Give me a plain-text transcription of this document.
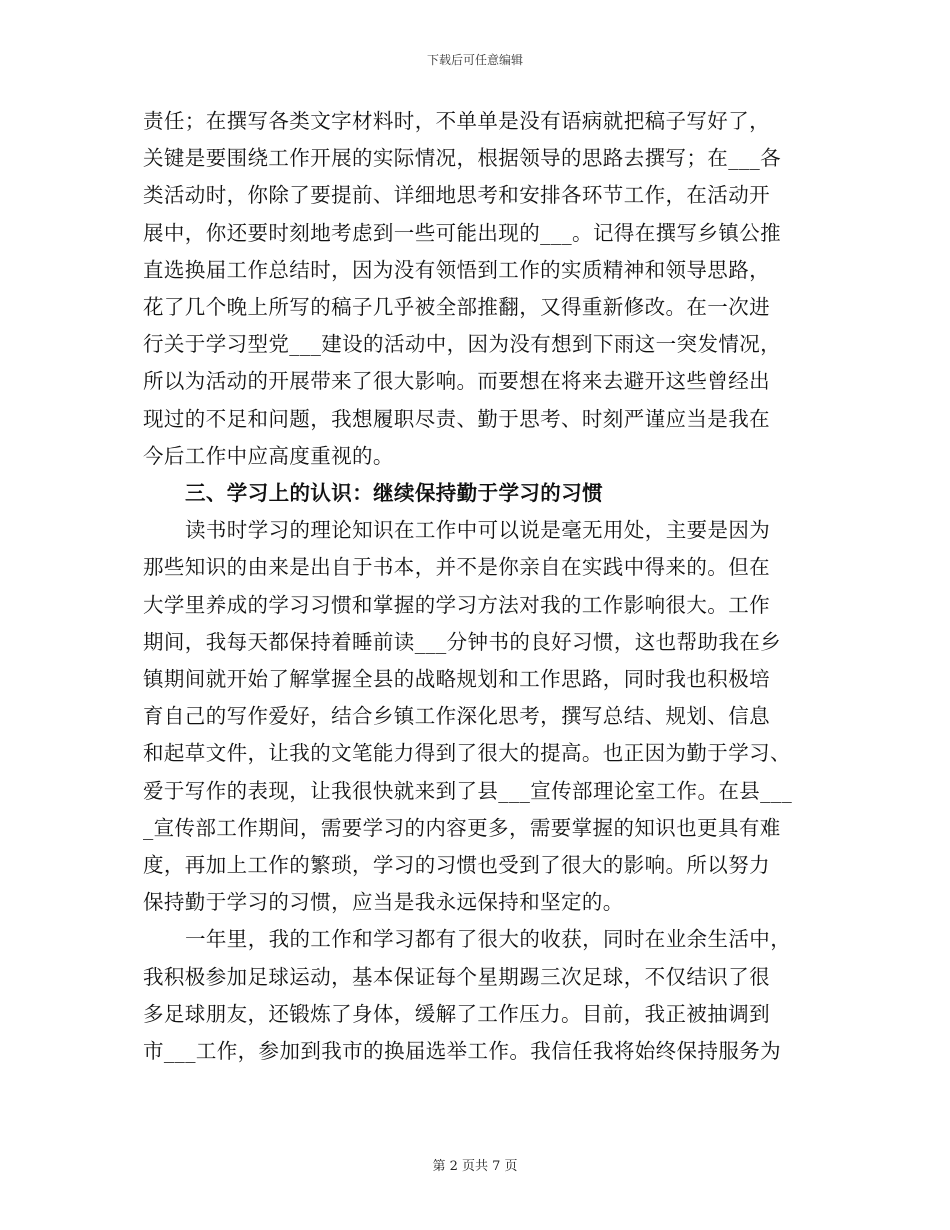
下载后可任意编辑
责任；在撰写各类文字材料时，不单单是没有语病就把稿子写好了，
关键是要围绕工作开展的实际情况，根据领导的思路去撰写；在___各
类活动时，你除了要提前、详细地思考和安排各环节工作，在活动开
展中，你还要时刻地考虑到一些可能出现的___。记得在撰写乡镇公推
直选换届工作总结时，因为没有领悟到工作的实质精神和领导思路，
花了几个晚上所写的稿子几乎被全部推翻，又得重新修改。在一次进
行关于学习型党___建设的活动中，因为没有想到下雨这一突发情况，
所以为活动的开展带来了很大影响。而要想在将来去避开这些曾经出
现过的不足和问题，我想履职尽责、勤于思考、时刻严谨应当是我在
今后工作中应高度重视的。
三、学习上的认识：继续保持勤于学习的习惯
读书时学习的理论知识在工作中可以说是毫无用处，主要是因为
那些知识的由来是出自于书本，并不是你亲自在实践中得来的。但在
大学里养成的学习习惯和掌握的学习方法对我的工作影响很大。工作
期间，我每天都保持着睡前读___分钟书的良好习惯，这也帮助我在乡
镇期间就开始了解掌握全县的战略规划和工作思路，同时我也积极培
育自己的写作爱好，结合乡镇工作深化思考，撰写总结、规划、信息
和起草文件，让我的文笔能力得到了很大的提高。也正因为勤于学习、
爱于写作的表现，让我很快就来到了县___宣传部理论室工作。在县___
_宣传部工作期间，需要学习的内容更多，需要掌握的知识也更具有难
度，再加上工作的繁琐，学习的习惯也受到了很大的影响。所以努力
保持勤于学习的习惯，应当是我永远保持和坚定的。
一年里，我的工作和学习都有了很大的收获，同时在业余生活中，
我积极参加足球运动，基本保证每个星期踢三次足球，不仅结识了很
多足球朋友，还锻炼了身体，缓解了工作压力。目前，我正被抽调到
市___工作，参加到我市的换届选举工作。我信任我将始终保持服务为
第 2 页共 7 页
